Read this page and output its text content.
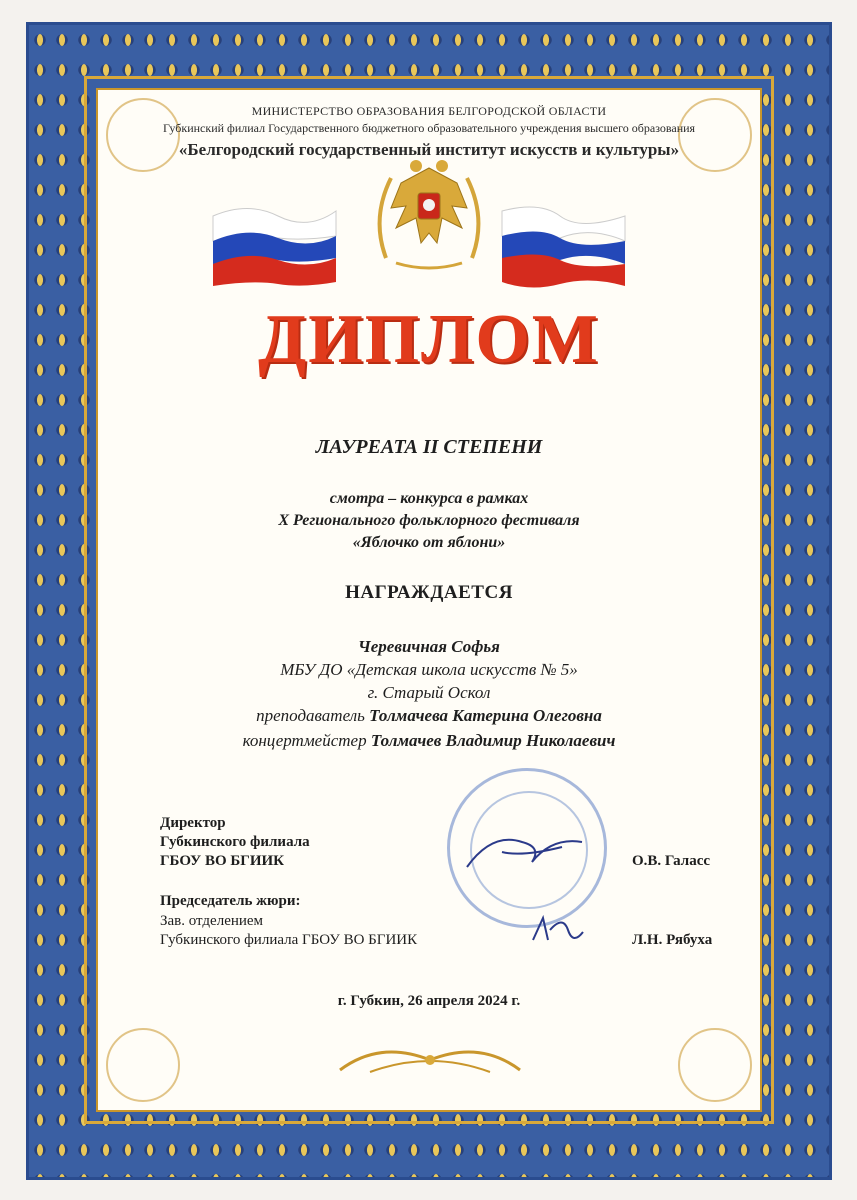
МИНИСТЕРСТВО ОБРАЗОВАНИЯ БЕЛГОРОДСКОЙ ОБЛАСТИ
Губкинский филиал Государственного бюджетного образовательного учреждения высшего образования
«Белгородский государственный институт искусств и культуры»
ДИПЛОМ
ЛАУРЕАТА II СТЕПЕНИ
смотра – конкурса в рамках
X Регионального фольклорного фестиваля
«Яблочко от яблони»
НАГРАЖДАЕТСЯ
Черевичная Софья
МБУ ДО «Детская школа искусств № 5»
г. Старый Оскол
преподаватель Толмачева Катерина Олеговна
концертмейстер Толмачев Владимир Николаевич
Директор
Губкинского филиала
ГБОУ ВО БГИИК	О.В. Галасс
Председатель жюри:
Зав. отделением
Губкинского филиала ГБОУ ВО БГИИК	Л.Н. Рябуха
г. Губкин, 26 апреля 2024 г.
